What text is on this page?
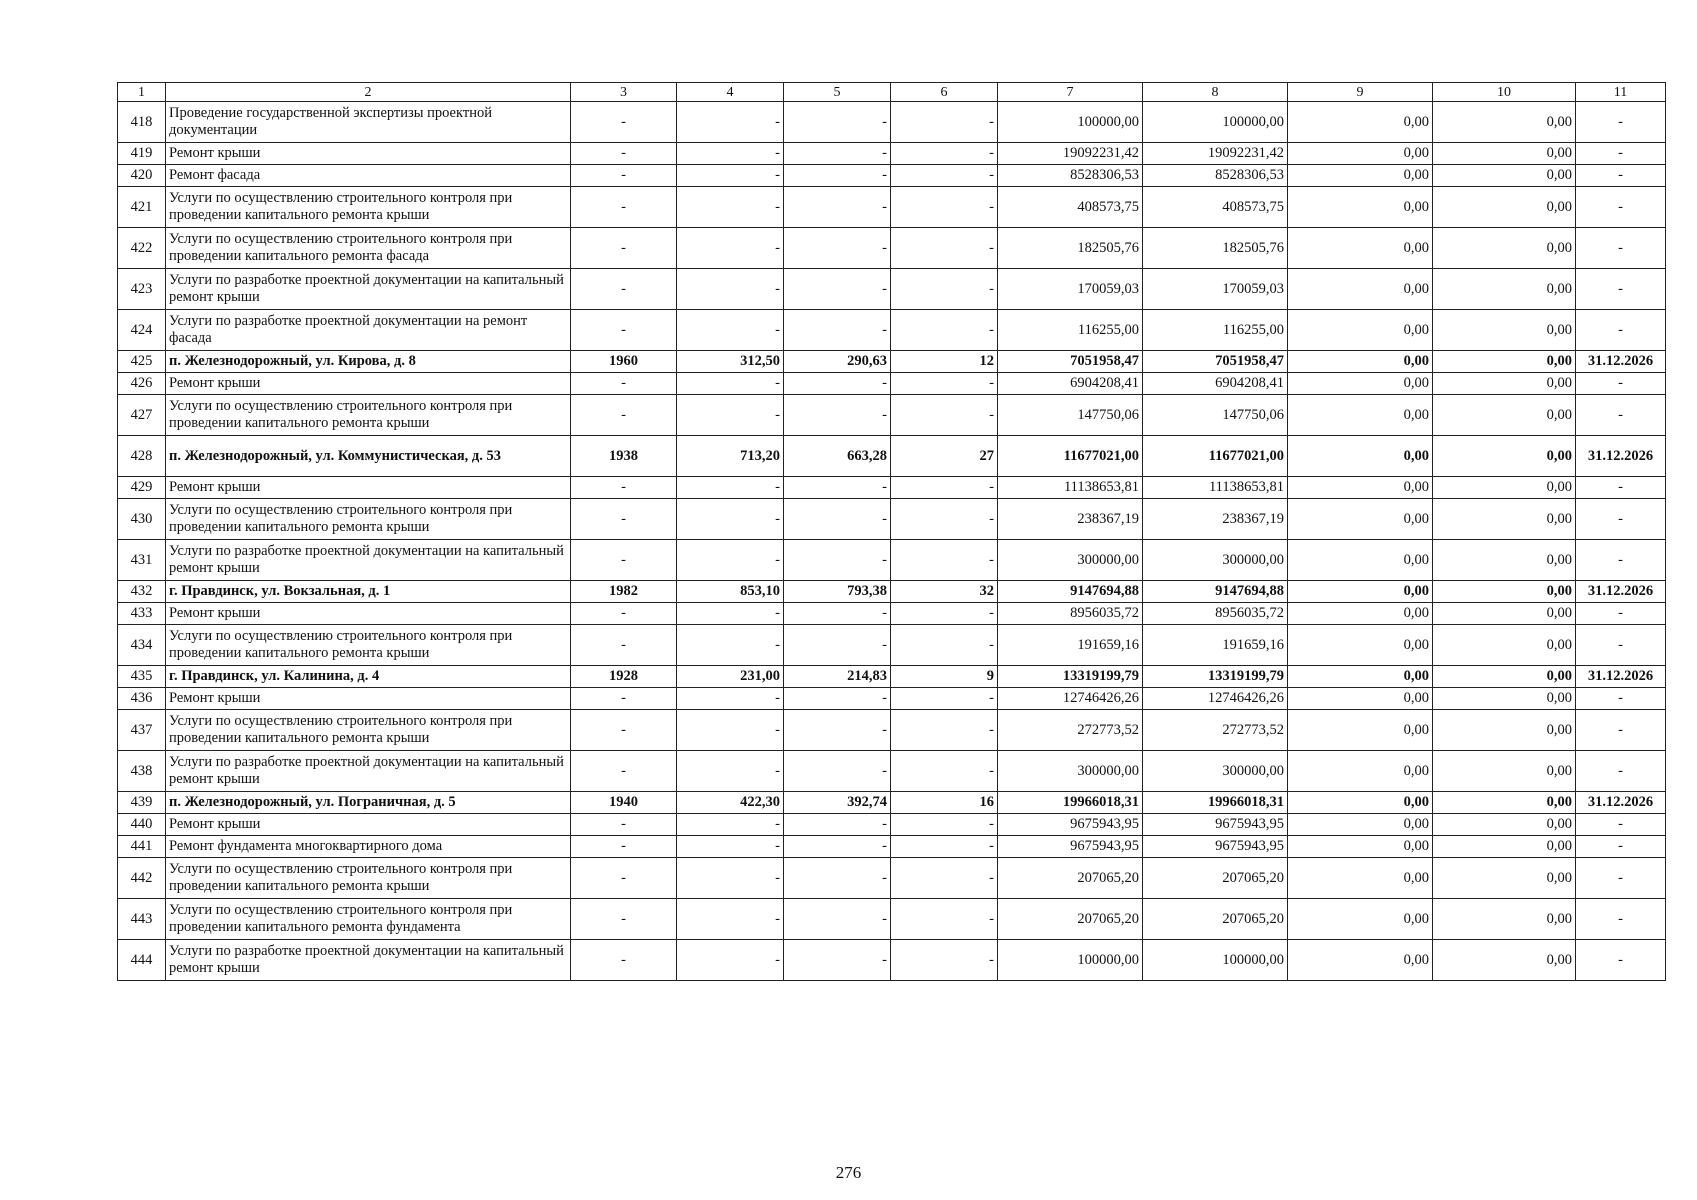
1	2	3	4	5	6	7	8	9	10	11
418	Проведение государственной экспертизы проектной документации	-	-	-	-	100000,00	100000,00	0,00	0,00	-
419	Ремонт крыши	-	-	-	-	19092231,42	19092231,42	0,00	0,00	-
420	Ремонт фасада	-	-	-	-	8528306,53	8528306,53	0,00	0,00	-
421	Услуги по осуществлению строительного контроля при проведении капитального ремонта крыши	-	-	-	-	408573,75	408573,75	0,00	0,00	-
422	Услуги по осуществлению строительного контроля при проведении капитального ремонта фасада	-	-	-	-	182505,76	182505,76	0,00	0,00	-
423	Услуги по разработке проектной документации на капитальный ремонт крыши	-	-	-	-	170059,03	170059,03	0,00	0,00	-
424	Услуги по разработке проектной документации на ремонт фасада	-	-	-	-	116255,00	116255,00	0,00	0,00	-
425	п. Железнодорожный, ул. Кирова, д. 8	1960	312,50	290,63	12	7051958,47	7051958,47	0,00	0,00	31.12.2026
426	Ремонт крыши	-	-	-	-	6904208,41	6904208,41	0,00	0,00	-
427	Услуги по осуществлению строительного контроля при проведении капитального ремонта крыши	-	-	-	-	147750,06	147750,06	0,00	0,00	-
428	п. Железнодорожный, ул. Коммунистическая, д. 53	1938	713,20	663,28	27	11677021,00	11677021,00	0,00	0,00	31.12.2026
429	Ремонт крыши	-	-	-	-	11138653,81	11138653,81	0,00	0,00	-
430	Услуги по осуществлению строительного контроля при проведении капитального ремонта крыши	-	-	-	-	238367,19	238367,19	0,00	0,00	-
431	Услуги по разработке проектной документации на капитальный ремонт крыши	-	-	-	-	300000,00	300000,00	0,00	0,00	-
432	г. Правдинск, ул. Вокзальная, д. 1	1982	853,10	793,38	32	9147694,88	9147694,88	0,00	0,00	31.12.2026
433	Ремонт крыши	-	-	-	-	8956035,72	8956035,72	0,00	0,00	-
434	Услуги по осуществлению строительного контроля при проведении капитального ремонта крыши	-	-	-	-	191659,16	191659,16	0,00	0,00	-
435	г. Правдинск, ул. Калинина, д. 4	1928	231,00	214,83	9	13319199,79	13319199,79	0,00	0,00	31.12.2026
436	Ремонт крыши	-	-	-	-	12746426,26	12746426,26	0,00	0,00	-
437	Услуги по осуществлению строительного контроля при проведении капитального ремонта крыши	-	-	-	-	272773,52	272773,52	0,00	0,00	-
438	Услуги по разработке проектной документации на капитальный ремонт крыши	-	-	-	-	300000,00	300000,00	0,00	0,00	-
439	п. Железнодорожный, ул. Пограничная, д. 5	1940	422,30	392,74	16	19966018,31	19966018,31	0,00	0,00	31.12.2026
440	Ремонт крыши	-	-	-	-	9675943,95	9675943,95	0,00	0,00	-
441	Ремонт фундамента многоквартирного дома	-	-	-	-	9675943,95	9675943,95	0,00	0,00	-
442	Услуги по осуществлению строительного контроля при проведении капитального ремонта крыши	-	-	-	-	207065,20	207065,20	0,00	0,00	-
443	Услуги по осуществлению строительного контроля при проведении капитального ремонта фундамента	-	-	-	-	207065,20	207065,20	0,00	0,00	-
444	Услуги по разработке проектной документации на капитальный ремонт крыши	-	-	-	-	100000,00	100000,00	0,00	0,00	-
276
